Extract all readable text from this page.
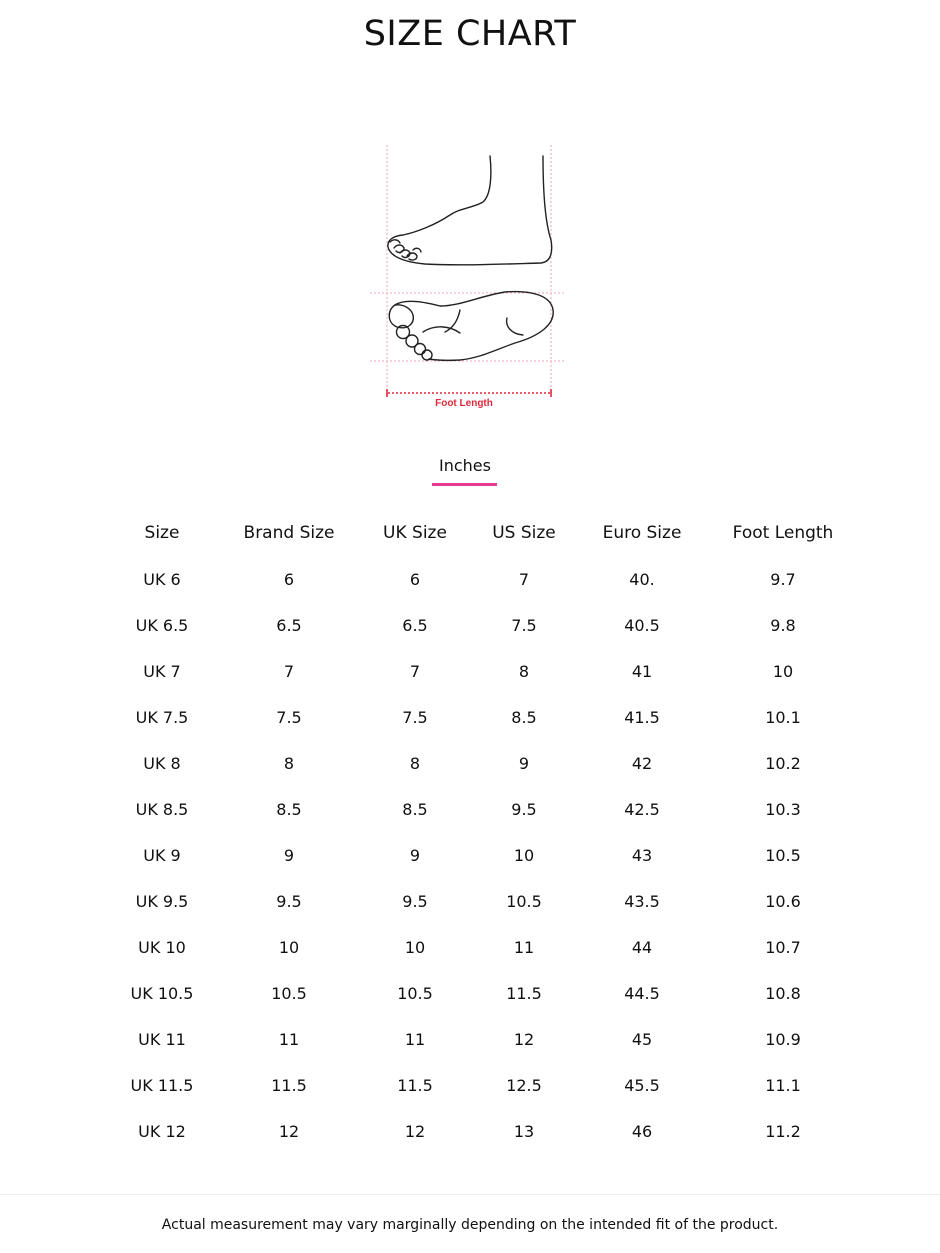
SIZE CHART
Foot Length
Inches
Size	Brand Size	UK Size	US Size	Euro Size	Foot Length
UK 6	6	6	7	40.	9.7
UK 6.5	6.5	6.5	7.5	40.5	9.8
UK 7	7	7	8	41	10
UK 7.5	7.5	7.5	8.5	41.5	10.1
UK 8	8	8	9	42	10.2
UK 8.5	8.5	8.5	9.5	42.5	10.3
UK 9	9	9	10	43	10.5
UK 9.5	9.5	9.5	10.5	43.5	10.6
UK 10	10	10	11	44	10.7
UK 10.5	10.5	10.5	11.5	44.5	10.8
UK 11	11	11	12	45	10.9
UK 11.5	11.5	11.5	12.5	45.5	11.1
UK 12	12	12	13	46	11.2
Actual measurement may vary marginally depending on the intended fit of the product.
